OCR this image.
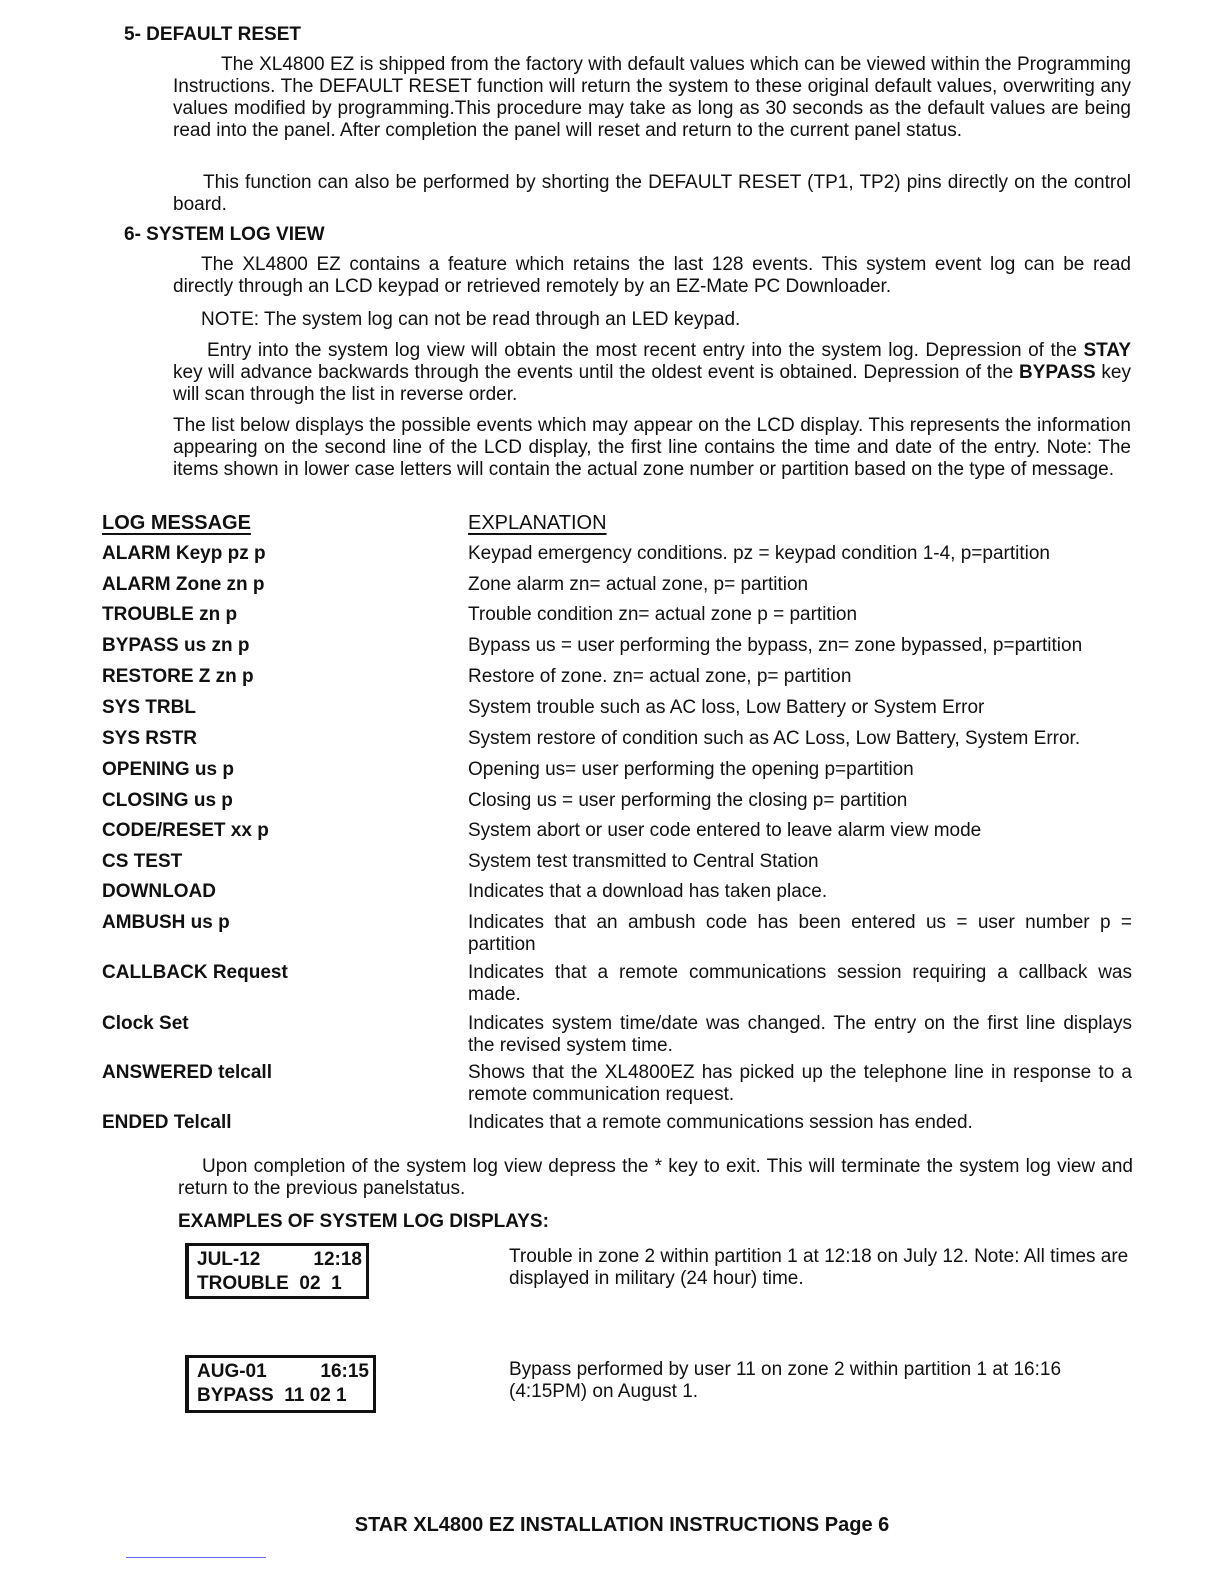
5- DEFAULT RESET
The XL4800 EZ is shipped from the factory with default values which can be viewed within the Programming Instructions. The DEFAULT RESET function will return the system to these original default values, overwriting any values modified by programming.This procedure may take as long as 30 seconds as the default values are being read into the panel. After completion the panel will reset and return to the current panel status.
This function can also be performed by shorting the DEFAULT RESET (TP1, TP2) pins directly on the control board.
6- SYSTEM LOG VIEW
The XL4800 EZ contains a feature which retains the last 128 events. This system event log can be read directly through an LCD keypad or retrieved remotely by an EZ-Mate PC Downloader.
NOTE: The system log can not be read through an LED keypad.
Entry into the system log view will obtain the most recent entry into the system log. Depression of the STAY key will advance backwards through the events until the oldest event is obtained. Depression of the BYPASS key will scan through the list in reverse order.
The list below displays the possible events which may appear on the LCD display. This represents the information appearing on the second line of the LCD display, the first line contains the time and date of the entry. Note: The items shown in lower case letters will contain the actual zone number or partition based on the type of message.
LOG MESSAGE	EXPLANATION
ALARM Keyp pz p	Keypad emergency conditions. pz = keypad condition 1-4, p=partition
ALARM Zone zn p	Zone alarm zn= actual zone, p= partition
TROUBLE zn p	Trouble condition zn= actual zone p = partition
BYPASS us zn p	Bypass us = user performing the bypass, zn= zone bypassed, p=partition
RESTORE Z zn p	Restore of zone. zn= actual zone, p= partition
SYS TRBL	System trouble such as AC loss, Low Battery or System Error
SYS RSTR	System restore of condition such as AC Loss, Low Battery, System Error.
OPENING us p	Opening us= user performing the opening p=partition
CLOSING us p	Closing us = user performing the closing p= partition
CODE/RESET xx p	System abort or user code entered to leave alarm view mode
CS TEST	System test transmitted to Central Station
DOWNLOAD	Indicates that a download has taken place.
AMBUSH us p	Indicates that an ambush code has been entered us = user number p = partition
CALLBACK Request	Indicates that a remote communications session requiring a callback was made.
Clock Set	Indicates system time/date was changed. The entry on the first line displays the revised system time.
ANSWERED telcall	Shows that the XL4800EZ has picked up the telephone line in response to a remote communication request.
ENDED Telcall	Indicates that a remote communications session has ended.
Upon completion of the system log view depress the * key to exit. This will terminate the system log view and return to the previous panelstatus.
EXAMPLES OF SYSTEM LOG DISPLAYS:
JUL-12	12:18
TROUBLE  02  1
Trouble in zone 2 within partition 1 at 12:18 on July 12. Note: All times are displayed in military (24 hour) time.
AUG-01	16:15
BYPASS  11 02 1
Bypass performed by user 11 on zone 2 within partition 1 at 16:16 (4:15PM) on August 1.
STAR XL4800 EZ INSTALLATION INSTRUCTIONS Page 6
